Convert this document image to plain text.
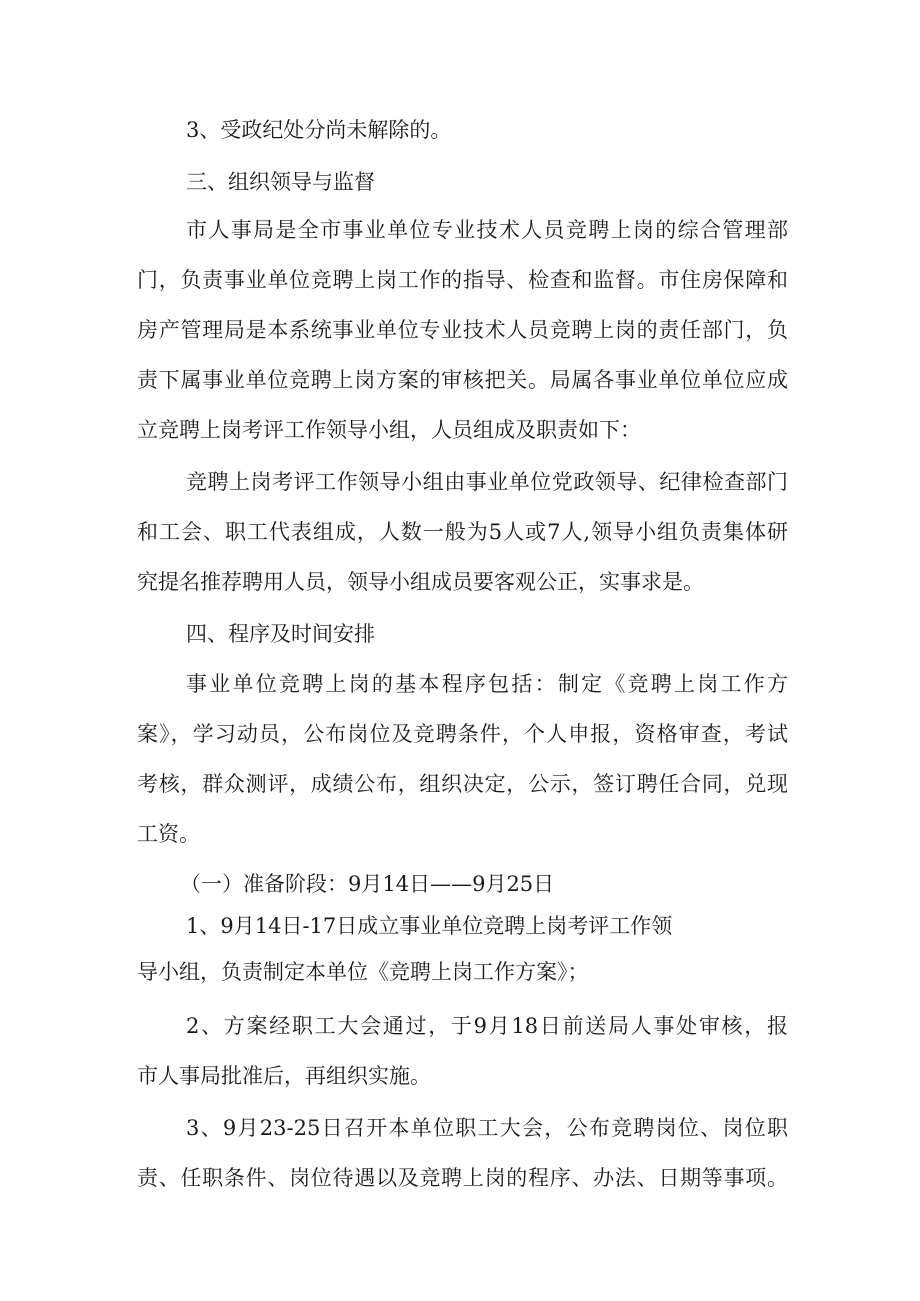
3、受政纪处分尚未解除的。
三、组织领导与监督
市人事局是全市事业单位专业技术人员竞聘上岗的综合管理部
门，负责事业单位竞聘上岗工作的指导、检查和监督。市住房保障和
房产管理局是本系统事业单位专业技术人员竞聘上岗的责任部门，负
责下属事业单位竞聘上岗方案的审核把关。局属各事业单位单位应成
立竞聘上岗考评工作领导小组，人员组成及职责如下：
竞聘上岗考评工作领导小组由事业单位党政领导、纪律检查部门
和工会、职工代表组成，人数一般为5人或7人,领导小组负责集体研
究提名推荐聘用人员，领导小组成员要客观公正，实事求是。
四、程序及时间安排
事业单位竞聘上岗的基本程序包括：制定《竞聘上岗工作方
案》，学习动员，公布岗位及竞聘条件，个人申报，资格审查，考试
考核，群众测评，成绩公布，组织决定，公示，签订聘任合同，兑现
工资。
（一）准备阶段：9月14日——9月25日
1、9月14日-17日成立事业单位竞聘上岗考评工作领
导小组，负责制定本单位《竞聘上岗工作方案》；
2、方案经职工大会通过，于9月18日前送局人事处审核，报
市人事局批准后，再组织实施。
3、9月23-25日召开本单位职工大会，公布竞聘岗位、岗位职
责、任职条件、岗位待遇以及竞聘上岗的程序、办法、日期等事项。
